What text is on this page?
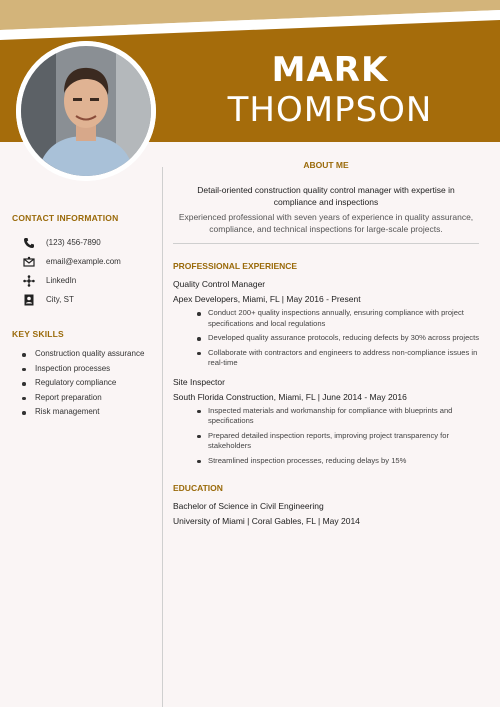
MARK
THOMPSON
CONTACT INFORMATION
(123) 456-7890
email@example.com
LinkedIn
City, ST
KEY SKILLS
Construction quality assurance
Inspection processes
Regulatory compliance
Report preparation
Risk management
ABOUT ME
Detail-oriented construction quality control manager with expertise in compliance and inspections
Experienced professional with seven years of experience in quality assurance, compliance, and technical inspections for large-scale projects.
PROFESSIONAL EXPERIENCE
Quality Control Manager
Apex Developers, Miami, FL | May 2016 - Present
Conduct 200+ quality inspections annually, ensuring compliance with project specifications and local regulations
Developed quality assurance protocols, reducing defects by 30% across projects
Collaborate with contractors and engineers to address non-compliance issues in real-time
Site Inspector
South Florida Construction, Miami, FL | June 2014 - May 2016
Inspected materials and workmanship for compliance with blueprints and specifications
Prepared detailed inspection reports, improving project transparency for stakeholders
Streamlined inspection processes, reducing delays by 15%
EDUCATION
Bachelor of Science in Civil Engineering
University of Miami | Coral Gables, FL | May 2014
